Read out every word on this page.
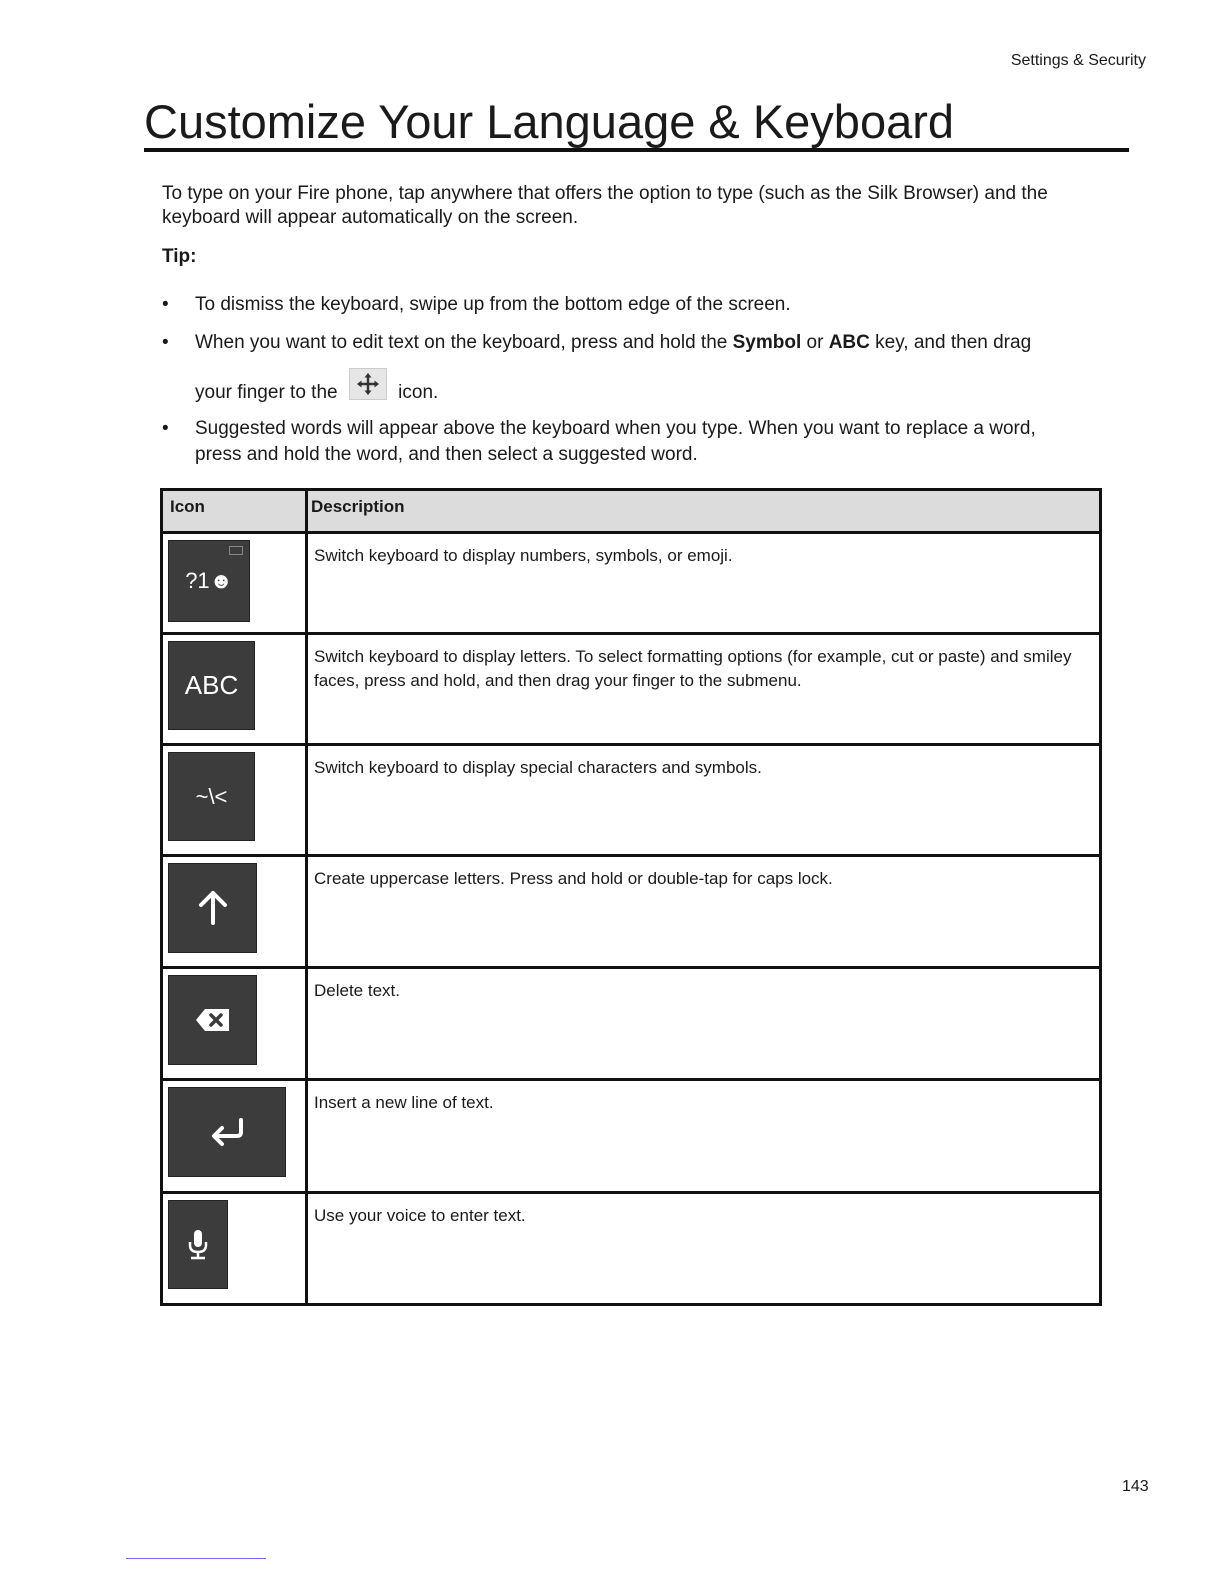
Settings & Security
Customize Your Language & Keyboard

To type on your Fire phone, tap anywhere that offers the option to type (such as the Silk Browser) and the keyboard will appear automatically on the screen.

Tip:
• To dismiss the keyboard, swipe up from the bottom edge of the screen.
• When you want to edit text on the keyboard, press and hold the Symbol or ABC key, and then drag
your finger to the	icon.
• Suggested words will appear above the keyboard when you type. When you want to replace a word, press and hold the word, and then select a suggested word.
Icon	Description

?1☻	Switch keyboard to display numbers, symbols, or emoji.

ABC	Switch keyboard to display letters. To select formatting options (for example, cut or paste) and smiley faces, press and hold, and then drag your finger to the submenu.

~\<	Switch keyboard to display special characters and symbols.

	Create uppercase letters. Press and hold or double-tap for caps lock.

	Delete text.

	Insert a new line of text.

	Use your voice to enter text.
143
